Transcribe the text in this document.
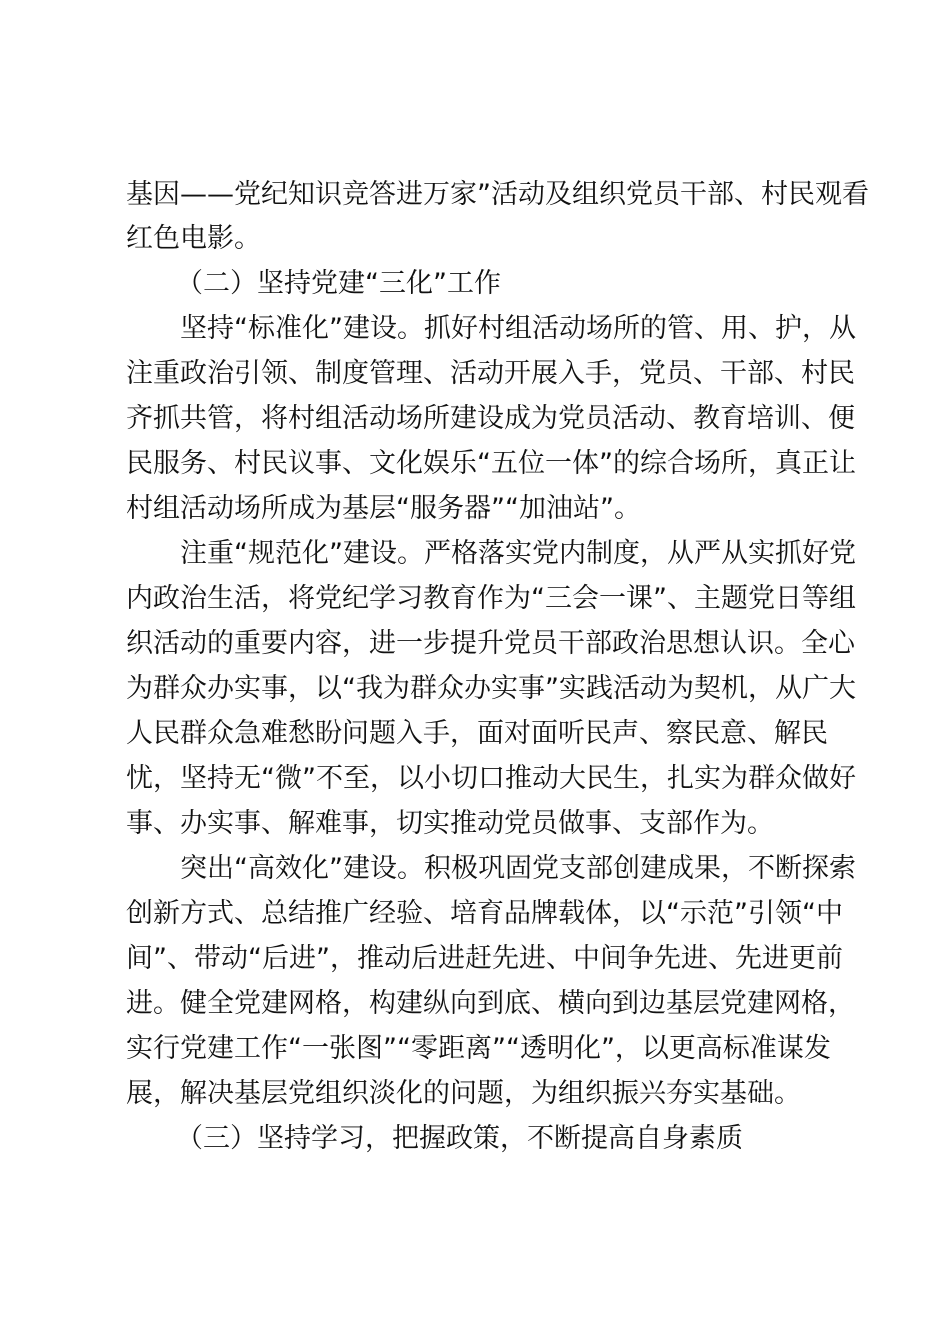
基因——党纪知识竞答进万家”活动及组织党员干部、村民观看
红色电影。
（二）坚持党建“三化”工作
坚持“标准化”建设。抓好村组活动场所的管、用、护，从
注重政治引领、制度管理、活动开展入手，党员、干部、村民
齐抓共管，将村组活动场所建设成为党员活动、教育培训、便
民服务、村民议事、文化娱乐“五位一体”的综合场所，真正让
村组活动场所成为基层“服务器”“加油站”。
注重“规范化”建设。严格落实党内制度，从严从实抓好党
内政治生活，将党纪学习教育作为“三会一课”、主题党日等组
织活动的重要内容，进一步提升党员干部政治思想认识。全心
为群众办实事，以“我为群众办实事”实践活动为契机，从广大
人民群众急难愁盼问题入手，面对面听民声、察民意、解民
忧，坚持无“微”不至，以小切口推动大民生，扎实为群众做好
事、办实事、解难事，切实推动党员做事、支部作为。
突出“高效化”建设。积极巩固党支部创建成果，不断探索
创新方式、总结推广经验、培育品牌载体，以“示范”引领“中
间”、带动“后进”，推动后进赶先进、中间争先进、先进更前
进。健全党建网格，构建纵向到底、横向到边基层党建网格，
实行党建工作“一张图”“零距离”“透明化”，以更高标准谋发
展，解决基层党组织淡化的问题，为组织振兴夯实基础。
（三）坚持学习，把握政策，不断提高自身素质
